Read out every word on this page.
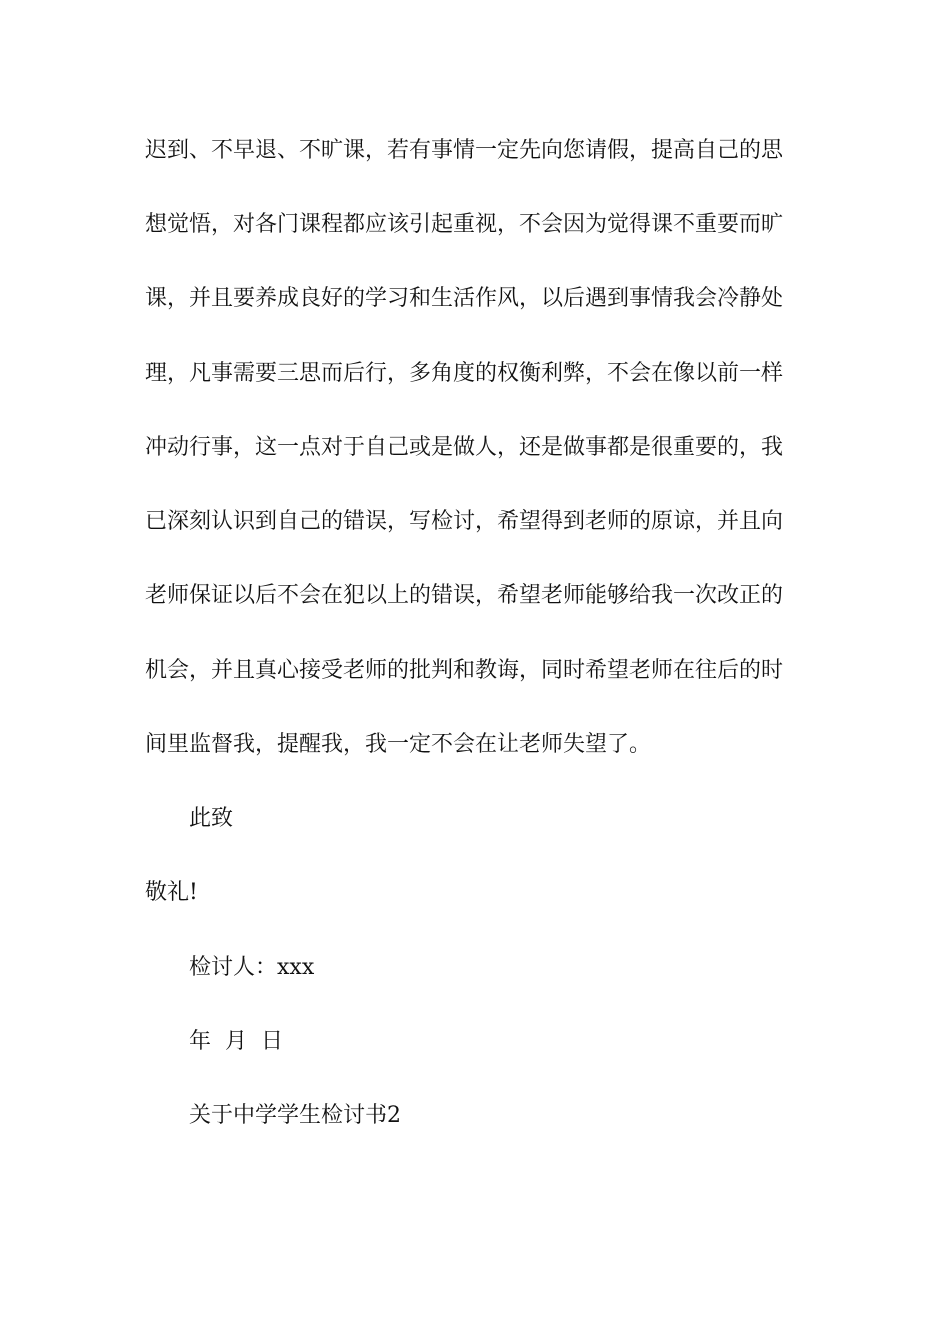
迟到、不早退、不旷课，若有事情一定先向您请假，提高自己的思
想觉悟，对各门课程都应该引起重视，不会因为觉得课不重要而旷
课，并且要养成良好的学习和生活作风，以后遇到事情我会冷静处
理，凡事需要三思而后行，多角度的权衡利弊，不会在像以前一样
冲动行事，这一点对于自己或是做人，还是做事都是很重要的，我
已深刻认识到自己的错误，写检讨，希望得到老师的原谅，并且向
老师保证以后不会在犯以上的错误，希望老师能够给我一次改正的
机会，并且真心接受老师的批判和教诲，同时希望老师在往后的时
间里监督我，提醒我，我一定不会在让老师失望了。
此致
敬礼!
检讨人：xxx
年  月  日
关于中学学生检讨书2
